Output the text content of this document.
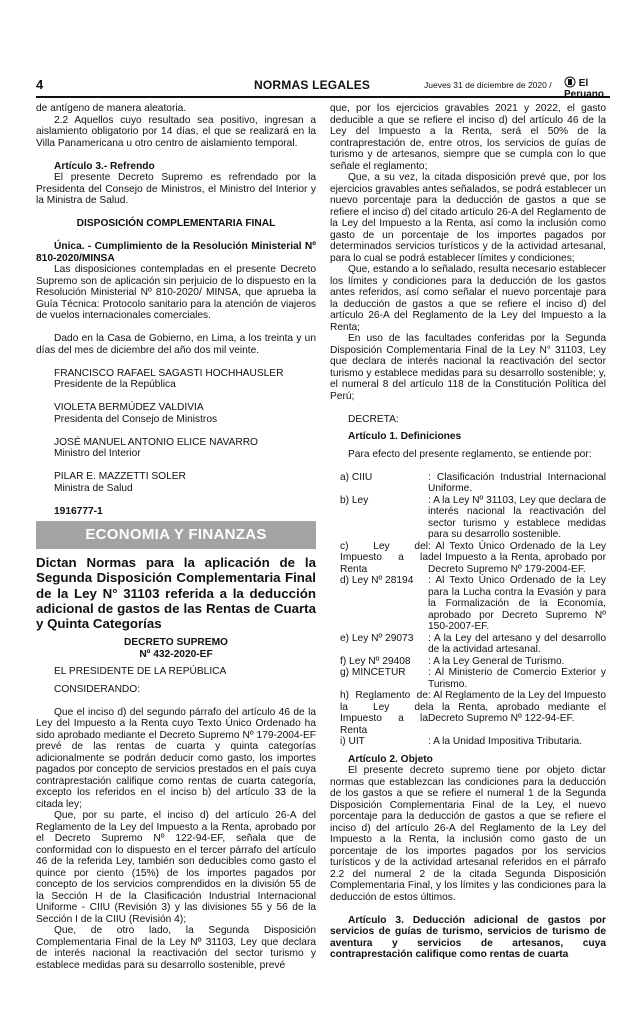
4	NORMAS LEGALES	Jueves 31 de diciembre de 2020 /	El Peruano

de antígeno de manera aleatoria.

2.2 Aquellos cuyo resultado sea positivo, ingresan a aislamiento obligatorio por 14 días, el que se realizará en la Villa Panamericana u otro centro de aislamiento temporal.

Artículo 3.- Refrendo

El presente Decreto Supremo es refrendado por la Presidenta del Consejo de Ministros, el Ministro del Interior y la Ministra de Salud.

DISPOSICIÓN COMPLEMENTARIA FINAL

Única. - Cumplimiento de la Resolución Ministerial Nº 810-2020/MINSA

Las disposiciones contempladas en el presente Decreto Supremo son de aplicación sin perjuicio de lo dispuesto en la Resolución Ministerial Nº 810-2020/ MINSA, que aprueba la Guía Técnica: Protocolo sanitario para la atención de viajeros de vuelos internacionales comerciales.

Dado en la Casa de Gobierno, en Lima, a los treinta y un días del mes de diciembre del año dos mil veinte.

FRANCISCO RAFAEL SAGASTI HOCHHAUSLER

Presidente de la República

VIOLETA BERMÚDEZ VALDIVIA

Presidenta del Consejo de Ministros

JOSÉ MANUEL ANTONIO ELICE NAVARRO

Ministro del Interior

PILAR E. MAZZETTI SOLER

Ministra de Salud

1916777-1

ECONOMIA Y FINANZAS

Dictan Normas para la aplicación de la Segunda Disposición Complementaria Final de la Ley N° 31103 referida a la deducción adicional de gastos de las Rentas de Cuarta y Quinta Categorías

DECRETO SUPREMO

Nº 432-2020-EF

EL PRESIDENTE DE LA REPÚBLICA

CONSIDERANDO:

Que el inciso d) del segundo párrafo del artículo 46 de la Ley del Impuesto a la Renta cuyo Texto Único Ordenado ha sido aprobado mediante el Decreto Supremo Nº 179-2004-EF prevé de las rentas de cuarta y quinta categorías adicionalmente se podrán deducir como gasto, los importes pagados por concepto de servicios prestados en el país cuya contraprestación califique como rentas de cuarta categoría, excepto los referidos en el inciso b) del artículo 33 de la citada ley;

Que, por su parte, el inciso d) del artículo 26-A del Reglamento de la Ley del Impuesto a la Renta, aprobado por el Decreto Supremo Nº 122-94-EF, señala que de conformidad con lo dispuesto en el tercer párrafo del artículo 46 de la referida Ley, también son deducibles como gasto el quince por ciento (15%) de los importes pagados por concepto de los servicios comprendidos en la división 55 de la Sección H de la Clasificación Industrial Internacional Uniforme - CIIU (Revisión 3) y las divisiones 55 y 56 de la Sección I de la CIIU (Revisión 4);

Que, de otro lado, la Segunda Disposición Complementaria Final de la Ley Nº 31103, Ley que declara de interés nacional la reactivación del sector turismo y establece medidas para su desarrollo sostenible, prevé

que, por los ejercicios gravables 2021 y 2022, el gasto deducible a que se refiere el inciso d) del artículo 46 de la Ley del Impuesto a la Renta, será el 50% de la contraprestación de, entre otros, los servicios de guías de turismo y de artesanos, siempre que se cumpla con lo que señale el reglamento;

Que, a su vez, la citada disposición prevé que, por los ejercicios gravables antes señalados, se podrá establecer un nuevo porcentaje para la deducción de gastos a que se refiere el inciso d) del citado artículo 26-A del Reglamento de la Ley del Impuesto a la Renta, así como la inclusión como gasto de un porcentaje de los importes pagados por determinados servicios turísticos y de la actividad artesanal, para lo cual se podrá establecer límites y condiciones;

Que, estando a lo señalado, resulta necesario establecer los límites y condiciones para la deducción de los gastos antes referidos, así como señalar el nuevo porcentaje para la deducción de gastos a que se refiere el inciso d) del artículo 26-A del Reglamento de la Ley del Impuesto a la Renta;

En uso de las facultades conferidas por la Segunda Disposición Complementaria Final de la Ley N° 31103, Ley que declara de interés nacional la reactivación del sector turismo y establece medidas para su desarrollo sostenible; y, el numeral 8 del artículo 118 de la Constitución Política del Perú;

DECRETA:

Artículo 1. Definiciones

Para efecto del presente reglamento, se entiende por:

a) CIIU	: Clasificación Industrial Internacional Uniforme.
b) Ley	: A la Ley Nº 31103, Ley que declara de interés nacional la reactivación del sector turismo y establece medidas para su desarrollo sostenible.
c) Ley del Impuesto a la Renta	: Al Texto Único Ordenado de la Ley del Impuesto a la Renta, aprobado por Decreto Supremo Nº 179-2004-EF.
d) Ley Nº 28194	: Al Texto Único Ordenado de la Ley para la Lucha contra la Evasión y para la Formalización de la Economía, aprobado por Decreto Supremo Nº 150-2007-EF.
e) Ley Nº 29073	: A la Ley del artesano y del desarrollo de la actividad artesanal.
f) Ley Nº 29408	: A la Ley General de Turismo.
g) MINCETUR	: Al Ministerio de Comercio Exterior y Turismo.
h) Reglamento de la Ley del Impuesto a la Renta	: Al Reglamento de la Ley del Impuesto a la Renta, aprobado mediante el Decreto Supremo Nº 122-94-EF.
i) UIT	: A la Unidad Impositiva Tributaria.

Artículo 2. Objeto

El presente decreto supremo tiene por objeto dictar normas que establezcan las condiciones para la deducción de los gastos a que se refiere el numeral 1 de la Segunda Disposición Complementaria Final de la Ley, el nuevo porcentaje para la deducción de gastos a que se refiere el inciso d) del artículo 26-A del Reglamento de la Ley del Impuesto a la Renta, la inclusión como gasto de un porcentaje de los importes pagados por los servicios turísticos y de la actividad artesanal referidos en el párrafo 2.2 del numeral 2 de la citada Segunda Disposición Complementaria Final, y los límites y las condiciones para la deducción de estos últimos.

Artículo 3. Deducción adicional de gastos por servicios de guías de turismo, servicios de turismo de aventura y servicios de artesanos, cuya contraprestación califique como rentas de cuarta
